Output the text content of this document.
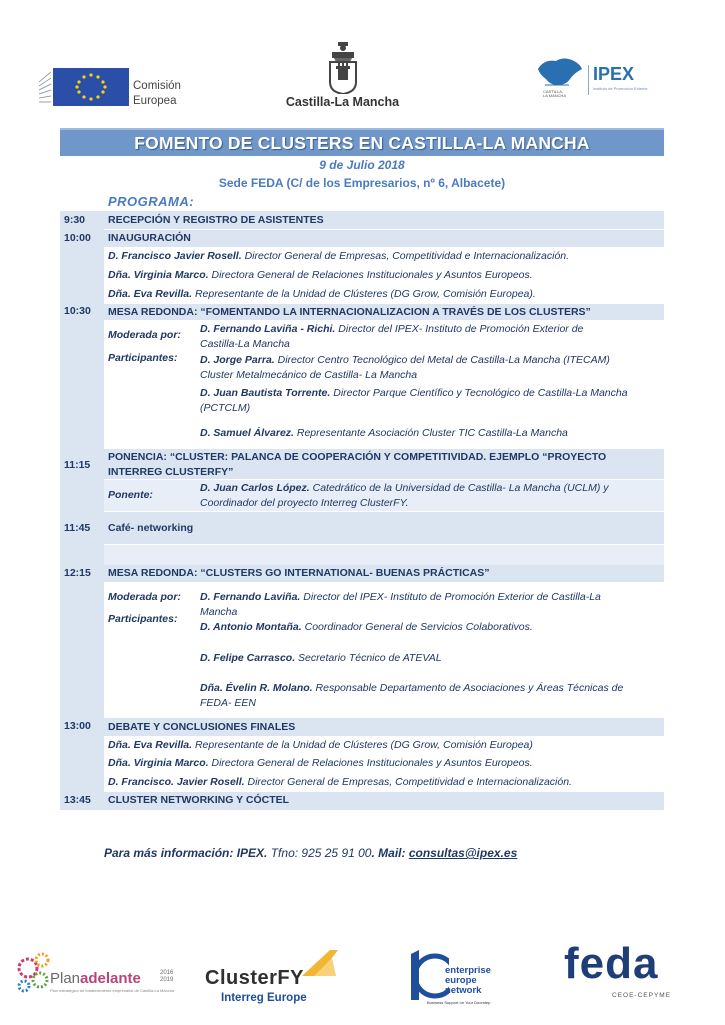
Comisión
Europea	Castilla-La Mancha
CASTILLA-
LA MANCHA
IPEX
Instituto de Promoción Exterior
FOMENTO DE CLUSTERS EN CASTILLA-LA MANCHA
9 de Julio 2018
Sede FEDA (C/ de los Empresarios, nº 6, Albacete)
PROGRAMA:
9:30 RECEPCIÓN Y REGISTRO DE ASISTENTES
10:00 INAUGURACIÓN
D. Francisco Javier Rosell. Director General de Empresas, Competitividad e Internacionalización.
Dña. Virginia Marco. Directora General de Relaciones Institucionales y Asuntos Europeos.
Dña. Eva Revilla. Representante de la Unidad de Clústeres (DG Grow, Comisión Europea).
10:30 MESA REDONDA: “FOMENTANDO LA INTERNACIONALIZACION A TRAVÉS DE LOS CLUSTERS”
Moderada por: D. Fernando Laviña - Richi. Director del IPEX- Instituto de Promoción Exterior de Castilla-La Mancha
Participantes: D. Jorge Parra. Director Centro Tecnológico del Metal de Castilla-La Mancha (ITECAM) Cluster Metalmecánico de Castilla- La Mancha
D. Juan Bautista Torrente. Director Parque Científico y Tecnológico de Castilla-La Mancha (PCTCLM)
D. Samuel Álvarez. Representante Asociación Cluster TIC Castilla-La Mancha
11:15
PONENCIA: “CLUSTER: PALANCA DE COOPERACIÓN Y COMPETITIVIDAD. EJEMPLO “PROYECTO INTERREG CLUSTERFY”
Ponente:
D. Juan Carlos López. Catedrático de la Universidad de Castilla- La Mancha (UCLM) y Coordinador del proyecto Interreg ClusterFY.
11:45 Café- networking
12:15 MESA REDONDA: “CLUSTERS GO INTERNATIONAL- BUENAS PRÁCTICAS”
Moderada por: D. Fernando Laviña. Director del IPEX- Instituto de Promoción Exterior de Castilla-La Mancha
Participantes:
D. Antonio Montaña. Coordinador General de Servicios Colaborativos.
D. Felipe Carrasco. Secretario Técnico de ATEVAL
Dña. Évelin R. Molano. Responsable Departamento de Asociaciones y Áreas Técnicas de FEDA- EEN
13:00 DEBATE Y CONCLUSIONES FINALES
Dña. Eva Revilla. Representante de la Unidad de Clústeres (DG Grow, Comisión Europea)
Dña. Virginia Marco. Directora General de Relaciones Institucionales y Asuntos Europeos.
D. Francisco. Javier Rosell. Director General de Empresas, Competitividad e Internacionalización.
13:45 CLUSTER NETWORKING Y CÓCTEL
Para más información: IPEX. Tfno: 925 25 91 00. Mail: consultas@ipex.es
Planadelante	2016 2019
Plan estratégico de fortalecimiento empresarial de Castilla-La Mancha
ClusterFY
Interreg Europe
enterprise
europe
network
Business Support on Your Doorstep
feda
CEOE-CEPYME
